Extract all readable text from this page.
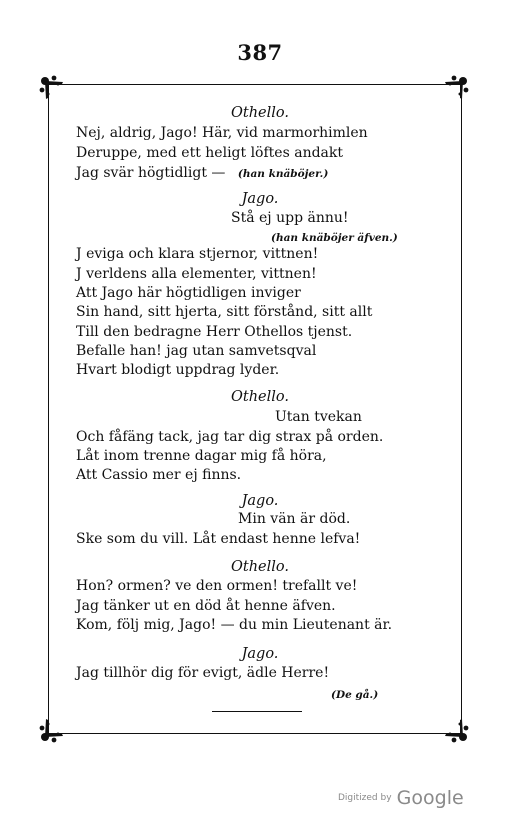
387
Othello.
Nej, aldrig, Jago! Här, vid marmorhimlen
Deruppe, med ett heligt löftes andakt
Jag svär högtidligt — (han knäböjer.)
Jago.
Stå ej upp ännu!
(han knäböjer äfven.)
J eviga och klara stjernor, vittnen!
J verldens alla elementer, vittnen!
Att Jago här högtidligen inviger
Sin hand, sitt hjerta, sitt förstånd, sitt allt
Till den bedragne Herr Othellos tjenst.
Befalle han! jag utan samvetsqval
Hvart blodigt uppdrag lyder.
Othello.
Utan tvekan
Och fåfäng tack, jag tar dig strax på orden.
Låt inom trenne dagar mig få höra,
Att Cassio mer ej finns.
Jago.
Min vän är död.
Ske som du vill. Låt endast henne lefva!
Othello.
Hon? ormen? ve den ormen! trefallt ve!
Jag tänker ut en död åt henne äfven.
Kom, följ mig, Jago! — du min Lieutenant är.
Jago.
Jag tillhör dig för evigt, ädle Herre!
(De gå.)
Digitized by Google
